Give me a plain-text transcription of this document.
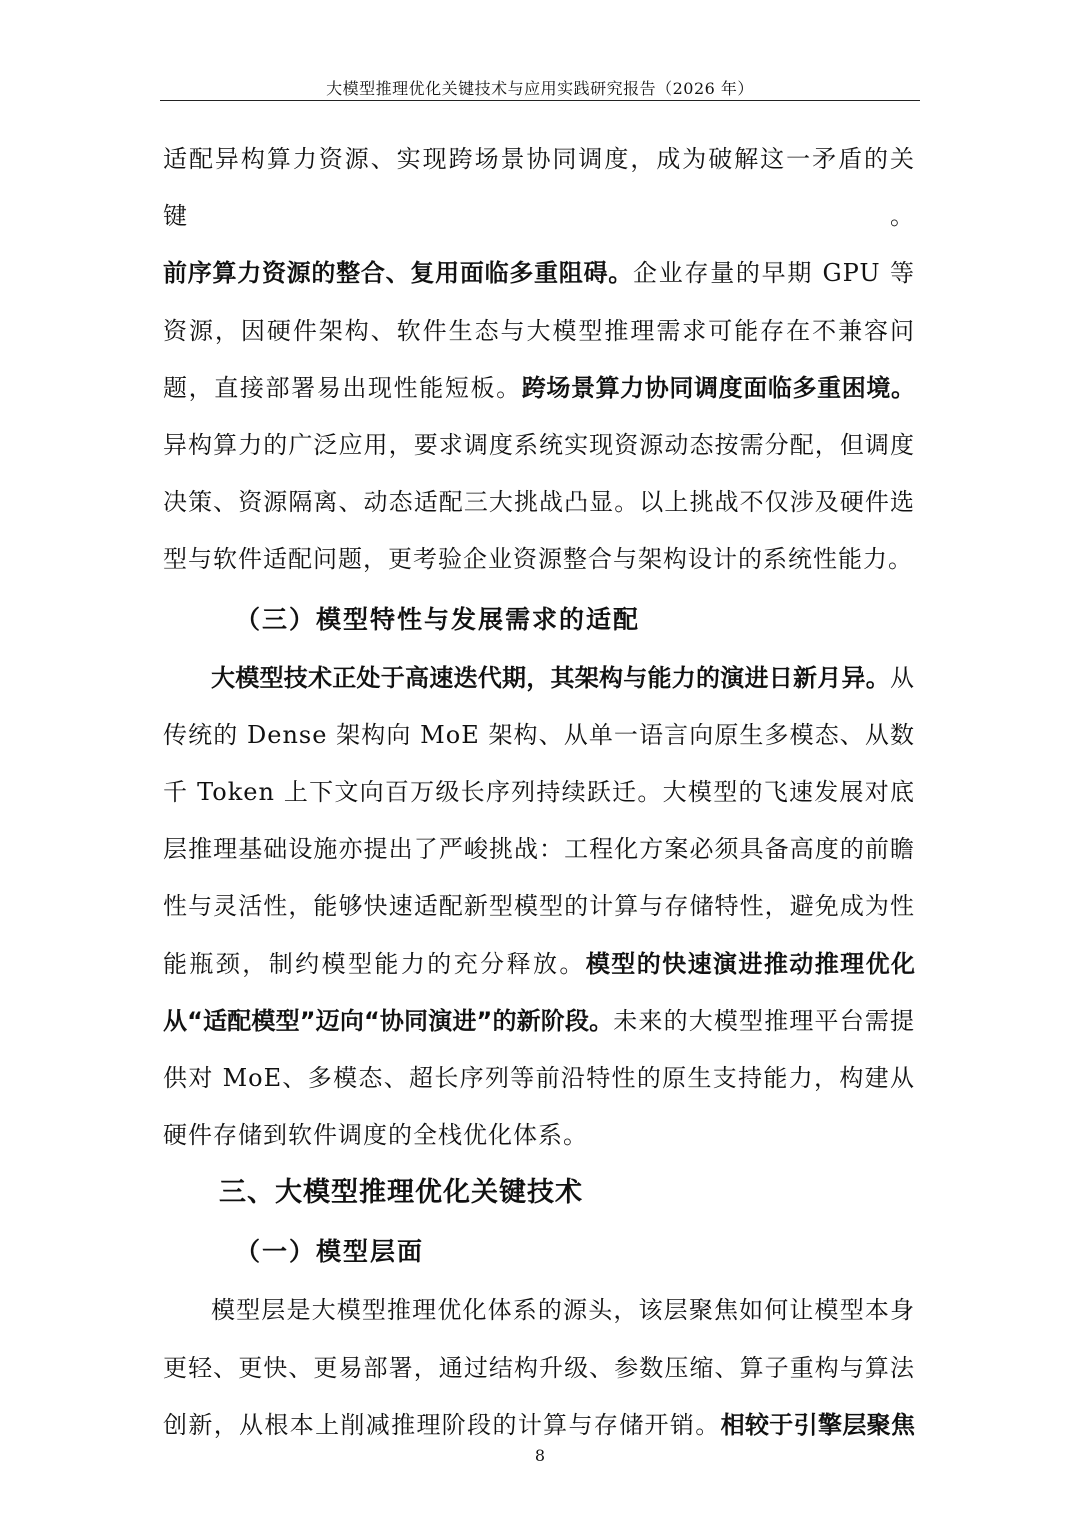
大模型推理优化关键技术与应用实践研究报告（2026 年）

适配异构算力资源、实现跨场景协同调度，成为破解这一矛盾的关键。

前序算力资源的整合、复用面临多重阻碍。企业存量的早期 GPU 等资源，因硬件架构、软件生态与大模型推理需求可能存在不兼容问题，直接部署易出现性能短板。跨场景算力协同调度面临多重困境。异构算力的广泛应用，要求调度系统实现资源动态按需分配，但调度决策、资源隔离、动态适配三大挑战凸显。以上挑战不仅涉及硬件选型与软件适配问题，更考验企业资源整合与架构设计的系统性能力。

（三）模型特性与发展需求的适配

大模型技术正处于高速迭代期，其架构与能力的演进日新月异。从传统的 Dense 架构向 MoE 架构、从单一语言向原生多模态、从数千 Token 上下文向百万级长序列持续跃迁。大模型的飞速发展对底层推理基础设施亦提出了严峻挑战：工程化方案必须具备高度的前瞻性与灵活性，能够快速适配新型模型的计算与存储特性，避免成为性能瓶颈，制约模型能力的充分释放。模型的快速演进推动推理优化从“适配模型”迈向“协同演进”的新阶段。未来的大模型推理平台需提供对 MoE、多模态、超长序列等前沿特性的原生支持能力，构建从硬件存储到软件调度的全栈优化体系。

三、大模型推理优化关键技术
（一）模型层面

模型层是大模型推理优化体系的源头，该层聚焦如何让模型本身更轻、更快、更易部署，通过结构升级、参数压缩、算子重构与算法创新，从根本上削减推理阶段的计算与存储开销。相较于引擎层聚焦

8
